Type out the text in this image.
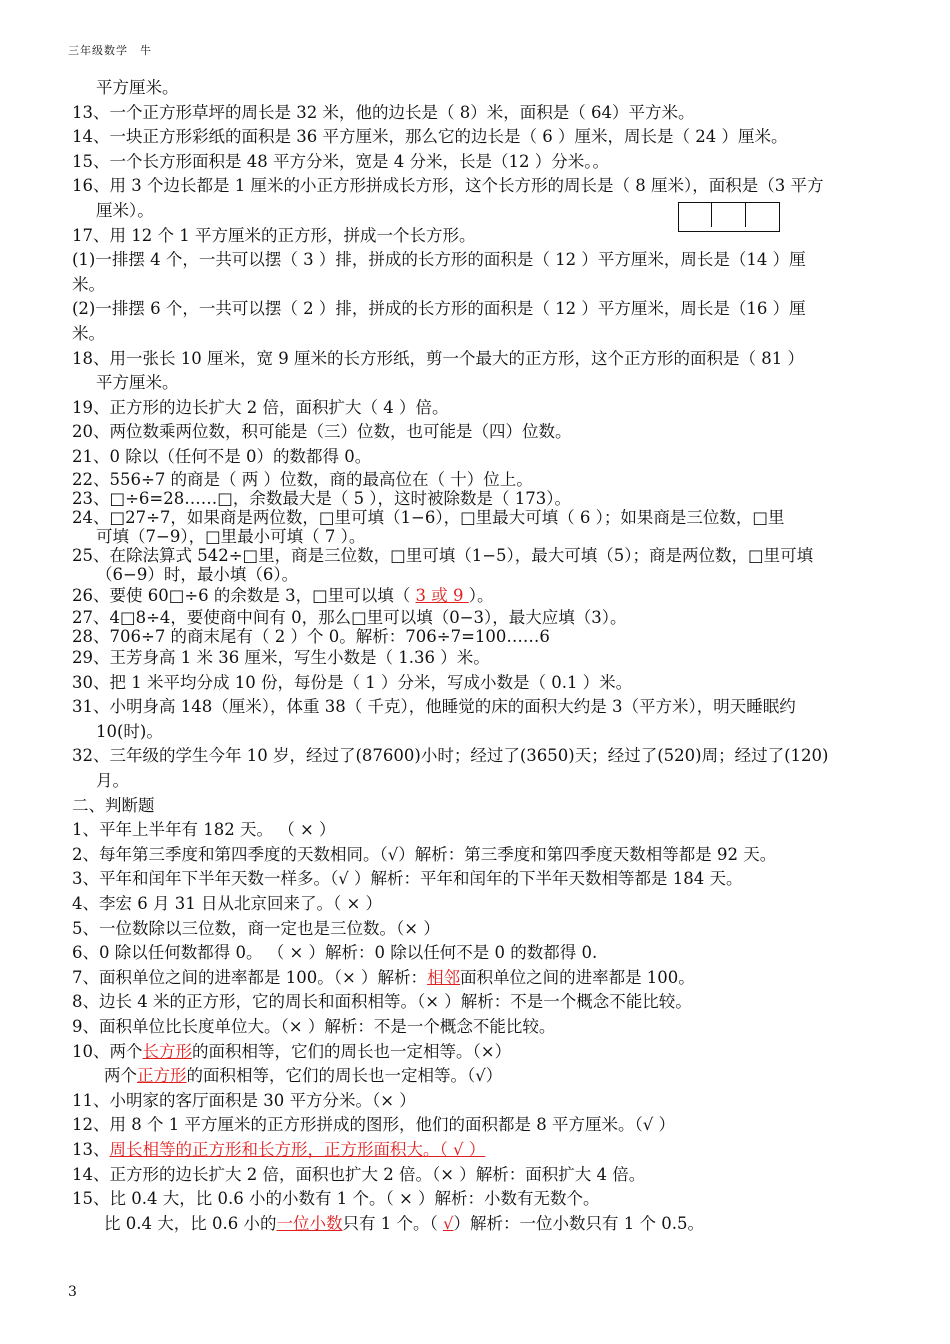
三年级数学　牛
平方厘米。
13、一个正方形草坪的周长是 32 米，他的边长是（ 8）米，面积是（ 64）平方米。
14、一块正方形彩纸的面积是 36 平方厘米，那么它的边长是（ 6 ）厘米，周长是（ 24 ）厘米。
15、一个长方形面积是 48 平方分米，宽是 4 分米，长是（12 ）分米。。
16、用 3 个边长都是 1 厘米的小正方形拼成长方形，这个长方形的周长是（ 8 厘米），面积是（3 平方
厘米）。
17、用 12 个 1 平方厘米的正方形，拼成一个长方形。
(1)一排摆 4 个，一共可以摆（ 3 ）排，拼成的长方形的面积是（ 12 ）平方厘米，周长是（14 ）厘
米。
(2)一排摆 6 个，一共可以摆（ 2 ）排，拼成的长方形的面积是（ 12 ）平方厘米，周长是（16 ）厘
米。
18、用一张长 10 厘米，宽 9 厘米的长方形纸，剪一个最大的正方形，这个正方形的面积是（ 81 ）
平方厘米。
19、正方形的边长扩大 2 倍，面积扩大（ 4 ）倍。
20、两位数乘两位数，积可能是（三）位数，也可能是（四）位数。
21、0 除以（任何不是 0）的数都得 0。
22、556÷7 的商是（ 两 ）位数，商的最高位在（ 十）位上。
23、□÷6=28……□，余数最大是（ 5 ），这时被除数是（ 173）。
24、□27÷7，如果商是两位数，□里可填（1−6），□里最大可填（ 6 ）；如果商是三位数，□里
可填（7−9），□里最小可填（ 7 ）。
25、在除法算式 542÷□里，商是三位数，□里可填（1−5），最大可填（5）；商是两位数，□里可填
（6−9）时，最小填（6）。
26、要使 60□÷6 的余数是 3，□里可以填（ 3 或 9 ）。
27、4□8÷4，要使商中间有 0，那么□里可以填（0−3），最大应填（3）。
28、706÷7 的商末尾有（ 2 ）个 0。解析：706÷7=100……6
29、王芳身高 1 米 36 厘米，写生小数是（ 1.36 ）米。
30、把 1 米平均分成 10 份，每份是（ 1 ）分米，写成小数是（ 0.1 ）米。
31、小明身高 148（厘米），体重 38（ 千克），他睡觉的床的面积大约是 3（平方米），明天睡眠约
10(时)。
32、三年级的学生今年 10 岁，经过了(87600)小时；经过了(3650)天；经过了(520)周；经过了(120)
月。
二、判断题
1、平年上半年有 182 天。 （ × ）
2、每年第三季度和第四季度的天数相同。（√）解析：第三季度和第四季度天数相等都是 92 天。
3、平年和闰年下半年天数一样多。（√ ）解析：平年和闰年的下半年天数相等都是 184 天。
4、李宏 6 月 31 日从北京回来了。（ × ）
5、一位数除以三位数，商一定也是三位数。（× ）
6、0 除以任何数都得 0。 （ × ）解析：0 除以任何不是 0 的数都得 0.
7、面积单位之间的进率都是 100。（× ）解析：相邻面积单位之间的进率都是 100。
8、边长 4 米的正方形，它的周长和面积相等。（× ）解析：不是一个概念不能比较。
9、面积单位比长度单位大。（× ）解析：不是一个概念不能比较。
10、两个长方形的面积相等，它们的周长也一定相等。（×）
两个正方形的面积相等，它们的周长也一定相等。（√）
11、小明家的客厅面积是 30 平方分米。（× ）
12、用 8 个 1 平方厘米的正方形拼成的图形，他们的面积都是 8 平方厘米。（√ ）
13、周长相等的正方形和长方形，正方形面积大。（ √ ）
14、正方形的边长扩大 2 倍，面积也扩大 2 倍。（× ）解析：面积扩大 4 倍。
15、比 0.4 大，比 0.6 小的小数有 1 个。（ × ）解析：小数有无数个。
比 0.4 大，比 0.6 小的一位小数只有 1 个。（ √）解析：一位小数只有 1 个 0.5。
3
